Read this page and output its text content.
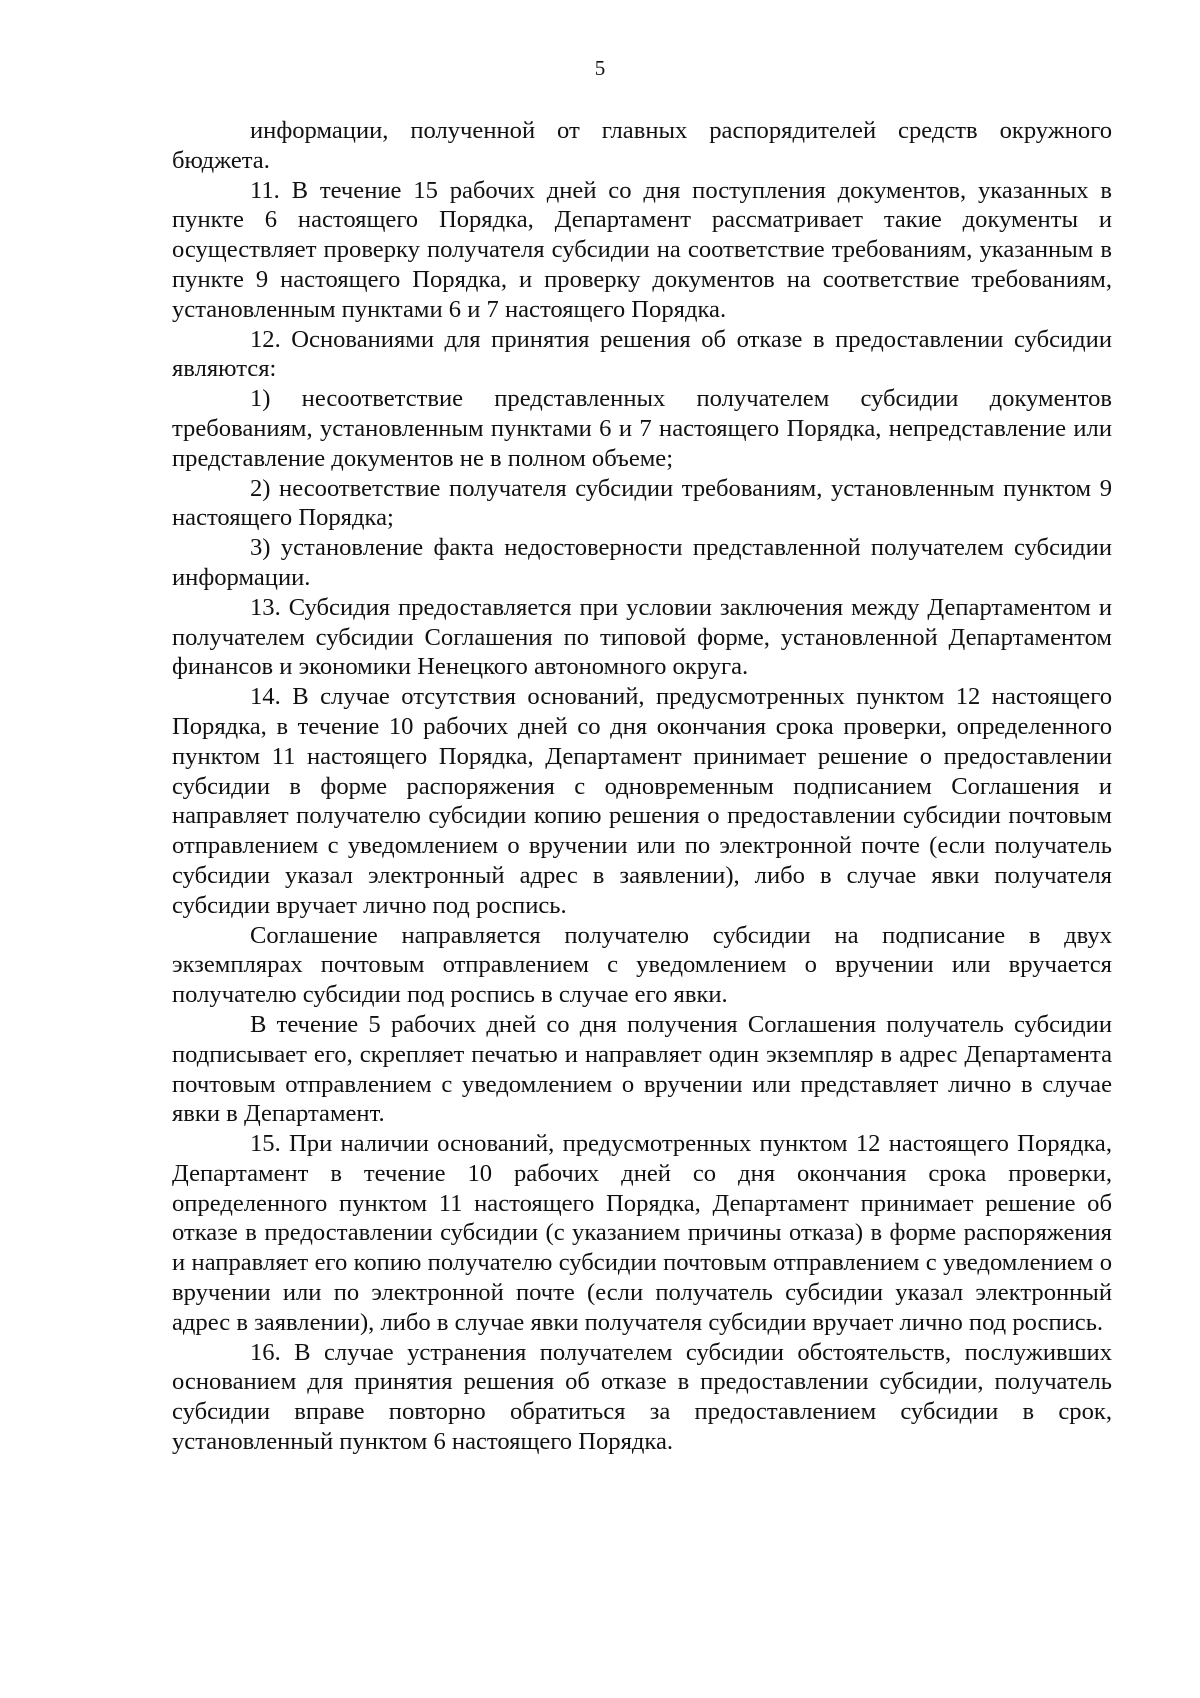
5

информации, полученной от главных распорядителей средств окружного бюджета.

11. В течение 15 рабочих дней со дня поступления документов, указанных в пункте 6 настоящего Порядка, Департамент рассматривает такие документы и осуществляет проверку получателя субсидии на соответствие требованиям, указанным в пункте 9 настоящего Порядка, и проверку документов на соответствие требованиям, установленным пунктами 6 и 7 настоящего Порядка.

12. Основаниями для принятия решения об отказе в предоставлении субсидии являются:

1) несоответствие представленных получателем субсидии документов требованиям, установленным пунктами 6 и 7 настоящего Порядка, непредставление или представление документов не в полном объеме;

2) несоответствие получателя субсидии требованиям, установленным пунктом 9 настоящего Порядка;

3) установление факта недостоверности представленной получателем субсидии информации.

13. Субсидия предоставляется при условии заключения между Департаментом и получателем субсидии Соглашения по типовой форме, установленной Департаментом финансов и экономики Ненецкого автономного округа.

14. В случае отсутствия оснований, предусмотренных пунктом 12 настоящего Порядка, в течение 10 рабочих дней со дня окончания срока проверки, определенного пунктом 11 настоящего Порядка, Департамент принимает решение о предоставлении субсидии в форме распоряжения с одновременным подписанием Соглашения и направляет получателю субсидии копию решения о предоставлении субсидии почтовым отправлением с уведомлением о вручении или по электронной почте (если получатель субсидии указал электронный адрес в заявлении), либо в случае явки получателя субсидии вручает лично под роспись.

Соглашение направляется получателю субсидии на подписание в двух экземплярах почтовым отправлением с уведомлением о вручении или вручается получателю субсидии под роспись в случае его явки.

В течение 5 рабочих дней со дня получения Соглашения получатель субсидии подписывает его, скрепляет печатью и направляет один экземпляр в адрес Департамента почтовым отправлением с уведомлением о вручении или представляет лично в случае явки в Департамент.

15. При наличии оснований, предусмотренных пунктом 12 настоящего Порядка, Департамент в течение 10 рабочих дней со дня окончания срока проверки, определенного пунктом 11 настоящего Порядка, Департамент принимает решение об отказе в предоставлении субсидии (с указанием причины отказа) в форме распоряжения и направляет его копию получателю субсидии почтовым отправлением с уведомлением о вручении или по электронной почте (если получатель субсидии указал электронный адрес в заявлении), либо в случае явки получателя субсидии вручает лично под роспись.

16. В случае устранения получателем субсидии обстоятельств, послуживших основанием для принятия решения об отказе в предоставлении субсидии, получатель субсидии вправе повторно обратиться за предоставлением субсидии в срок, установленный пунктом 6 настоящего Порядка.
